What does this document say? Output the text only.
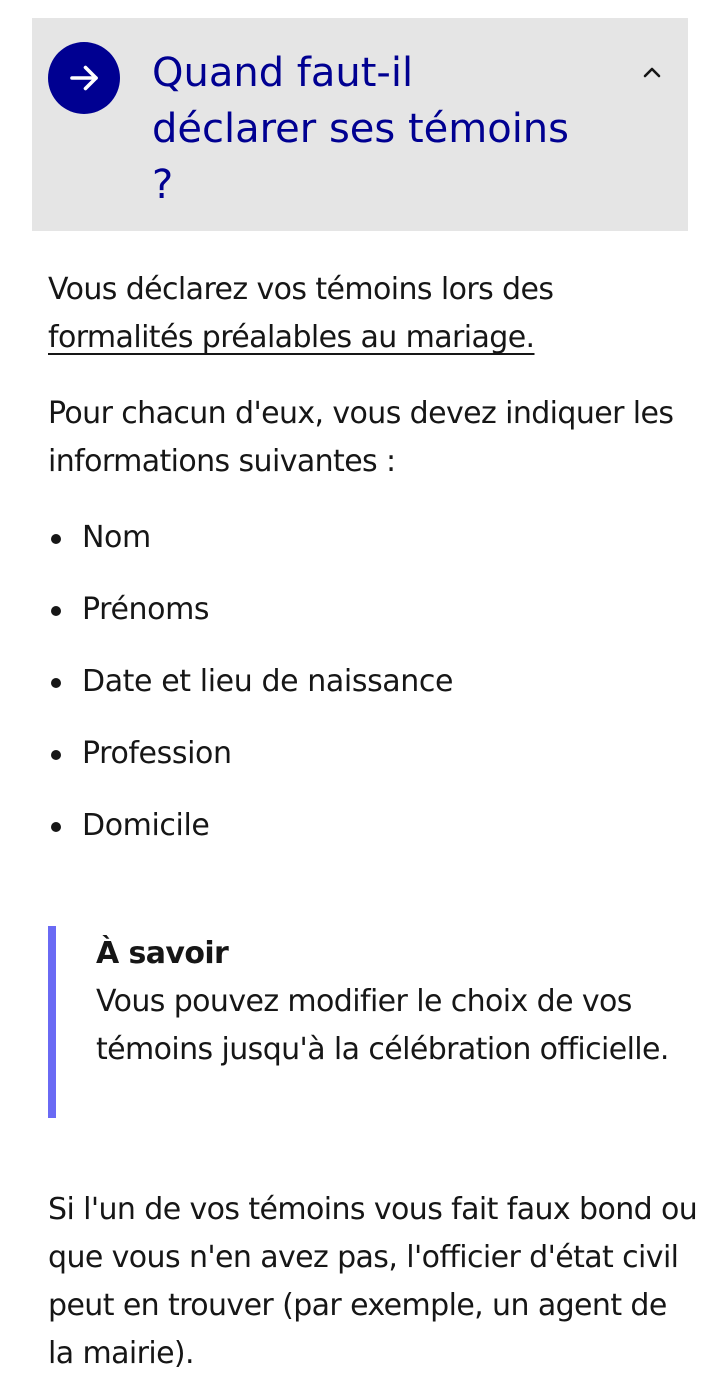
Quand faut-il déclarer ses témoins ?

Vous déclarez vos témoins lors des formalités préalables au mariage.

Pour chacun d'eux, vous devez indiquer les informations suivantes :

Nom
Prénoms
Date et lieu de naissance
Profession
Domicile
À savoir
Vous pouvez modifier le choix de vos témoins jusqu'à la célébration officielle.

Si l'un de vos témoins vous fait faux bond ou que vous n'en avez pas, l'officier d'état civil peut en trouver (par exemple, un agent de la mairie).
